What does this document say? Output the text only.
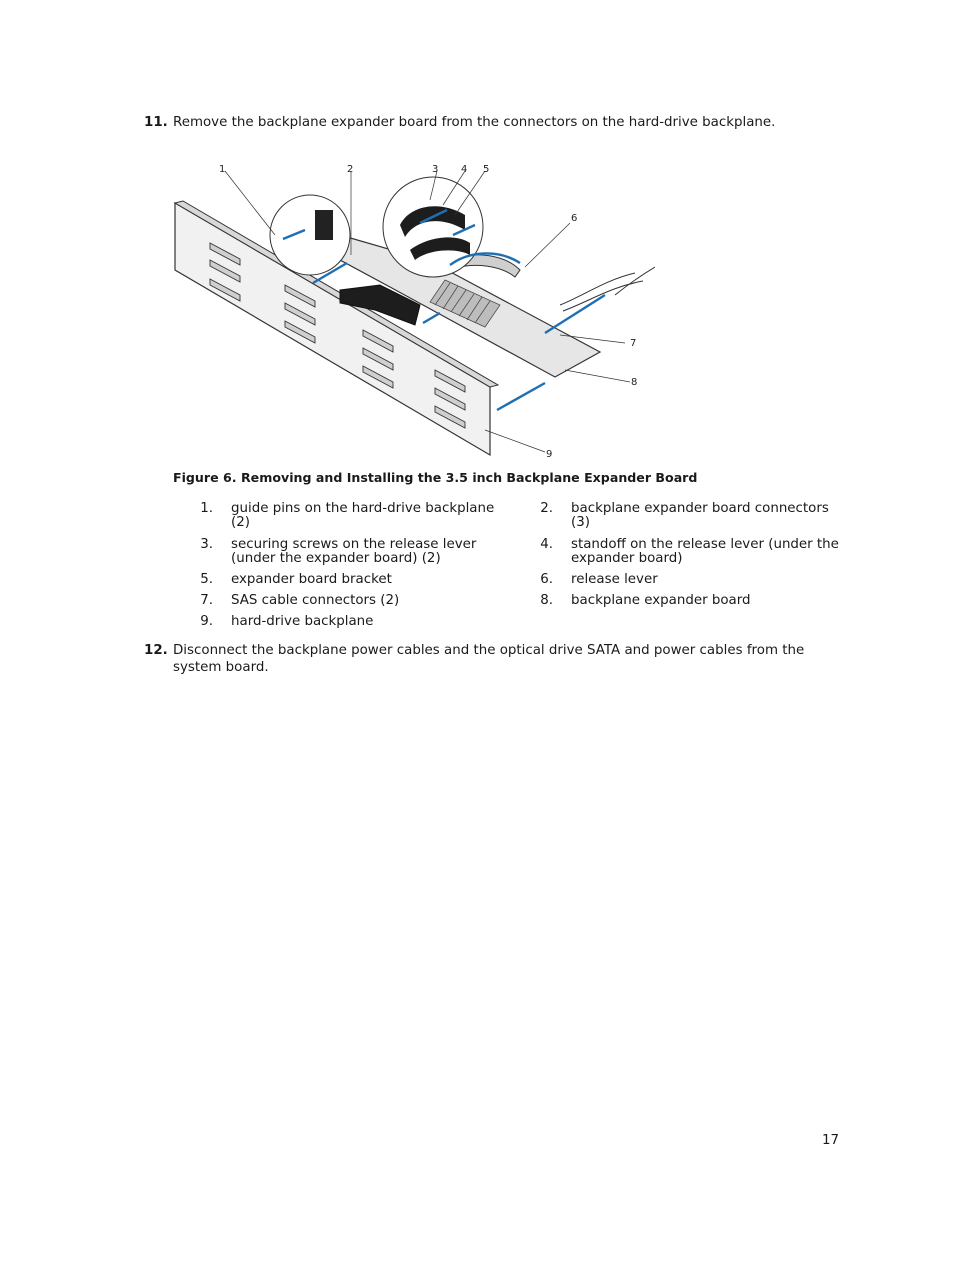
11. Remove the backplane expander board from the connectors on the hard-drive backplane.
1	2	3 4 5
6
7
8
9
Figure 6. Removing and Installing the 3.5 inch Backplane Expander Board
1. guide pins on the hard-drive backplane (2)
2. backplane expander board connectors (3)
3. securing screws on the release lever (under the expander board) (2)
4. standoff on the release lever (under the expander board)
5. expander board bracket	6. release lever
7. SAS cable connectors (2)	8. backplane expander board
9. hard-drive backplane
12. Disconnect the backplane power cables and the optical drive SATA and power cables from the system board.
17
